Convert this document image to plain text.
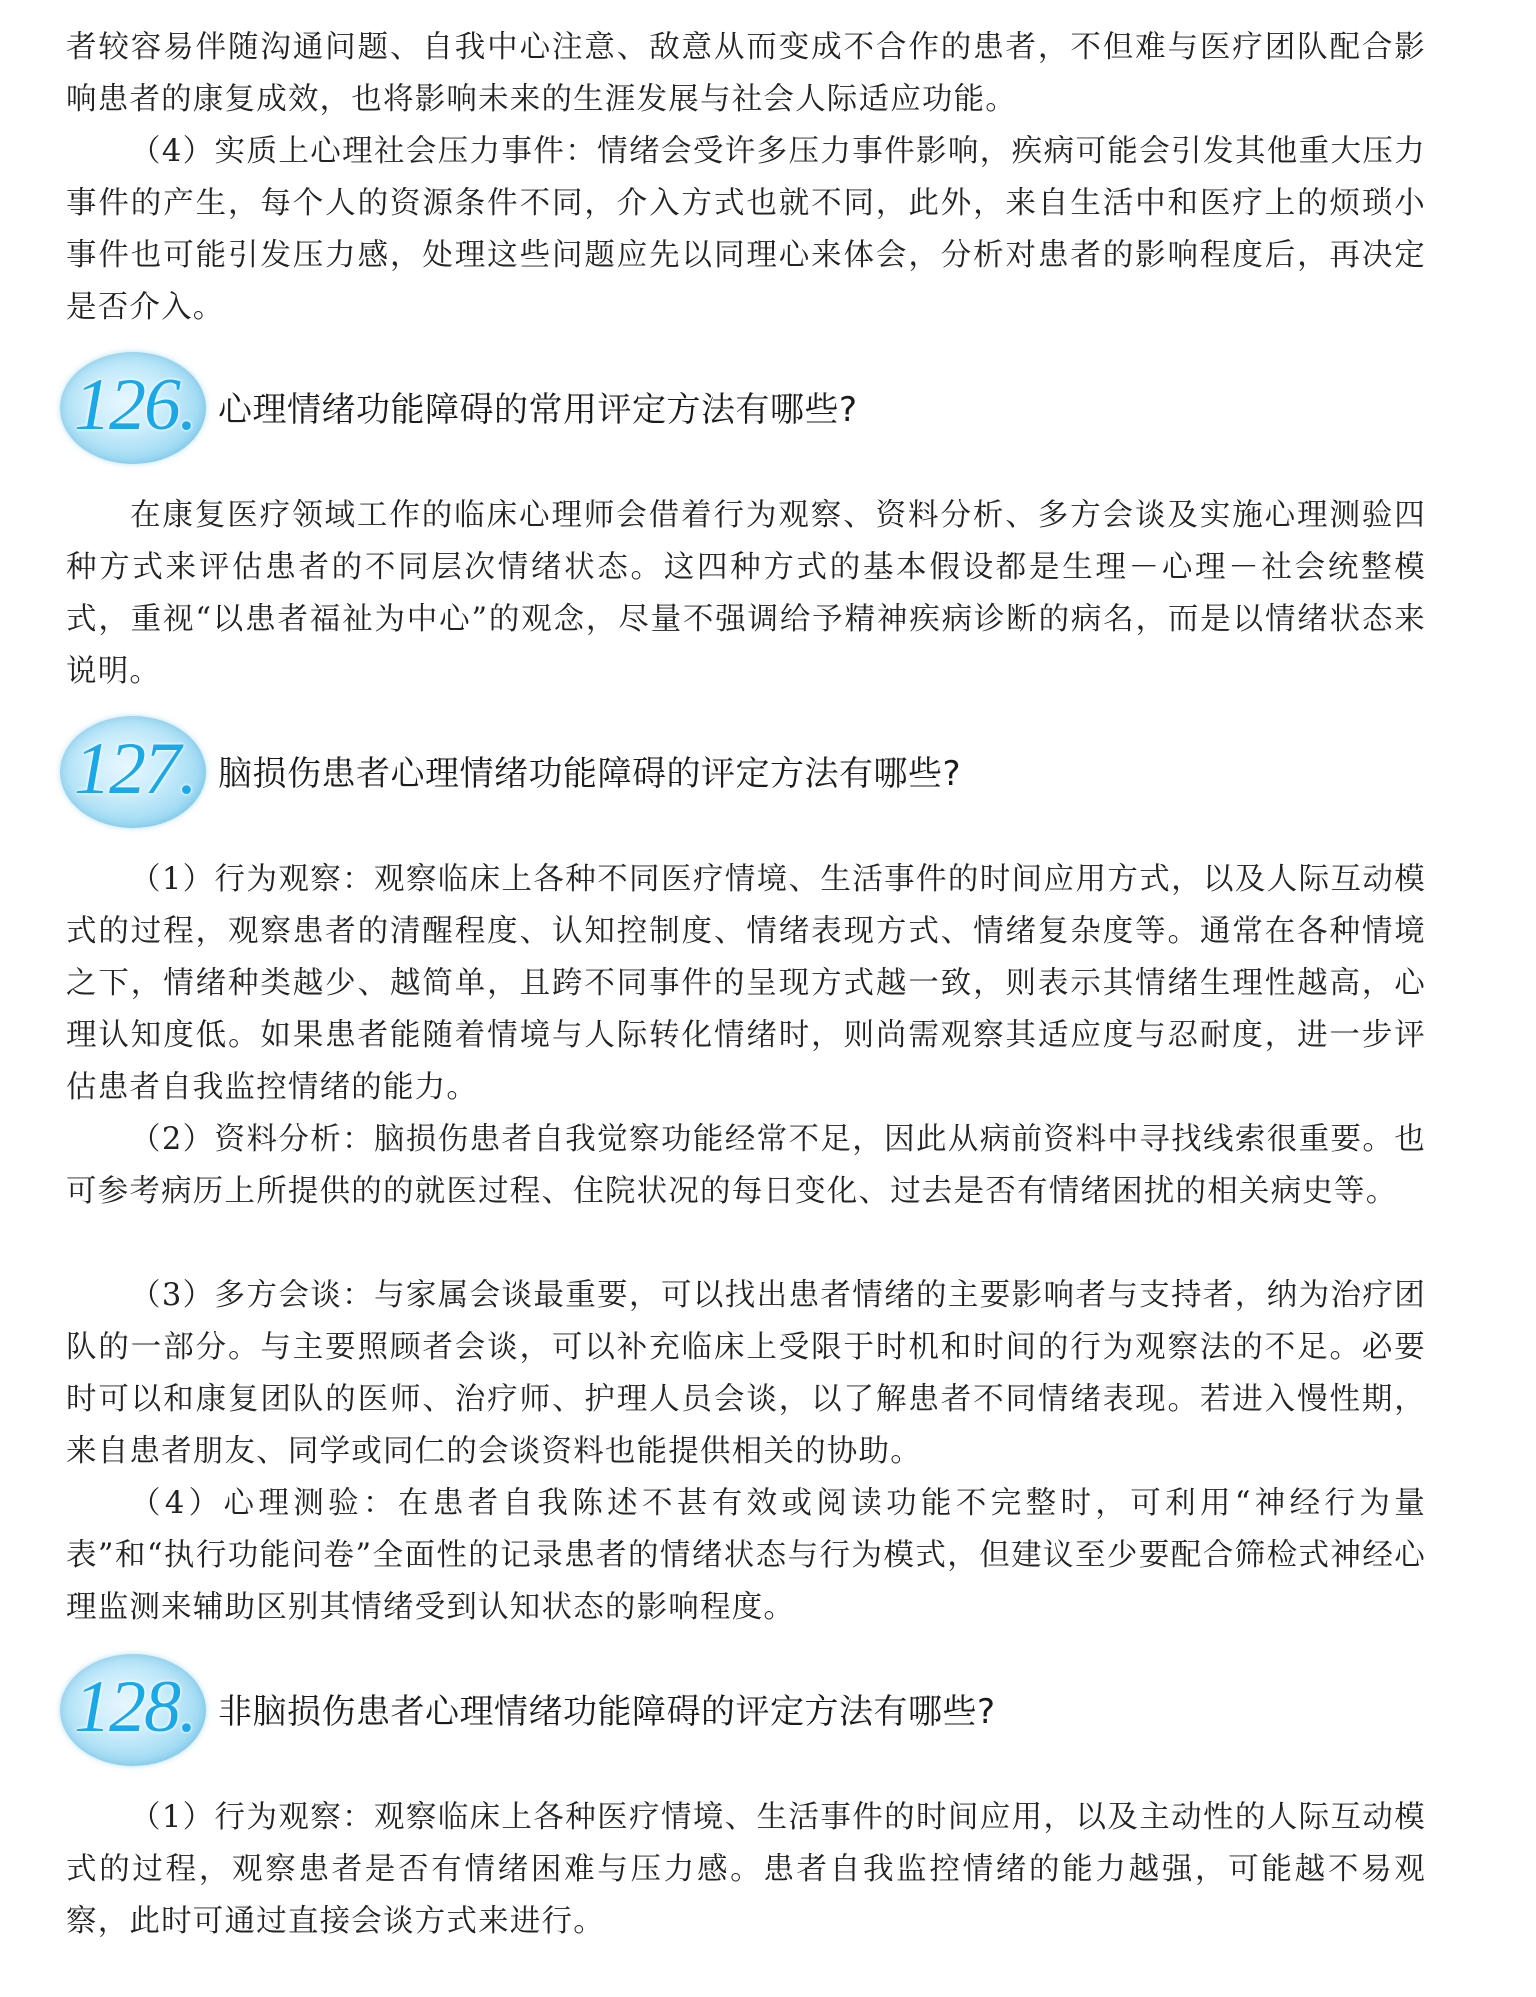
者较容易伴随沟通问题、自我中心注意、敌意从而变成不合作的患者，不但难与医疗团队配合影响患者的康复成效，也将影响未来的生涯发展与社会人际适应功能。

（4）实质上心理社会压力事件：情绪会受许多压力事件影响，疾病可能会引发其他重大压力事件的产生，每个人的资源条件不同，介入方式也就不同，此外，来自生活中和医疗上的烦琐小事件也可能引发压力感，处理这些问题应先以同理心来体会，分析对患者的影响程度后，再决定是否介入。

126. 心理情绪功能障碍的常用评定方法有哪些?

在康复医疗领域工作的临床心理师会借着行为观察、资料分析、多方会谈及实施心理测验四种方式来评估患者的不同层次情绪状态。这四种方式的基本假设都是生理－心理－社会统整模式，重视“以患者福祉为中心”的观念，尽量不强调给予精神疾病诊断的病名，而是以情绪状态来说明。

127. 脑损伤患者心理情绪功能障碍的评定方法有哪些?

（1）行为观察：观察临床上各种不同医疗情境、生活事件的时间应用方式，以及人际互动模式的过程，观察患者的清醒程度、认知控制度、情绪表现方式、情绪复杂度等。通常在各种情境之下，情绪种类越少、越简单，且跨不同事件的呈现方式越一致，则表示其情绪生理性越高，心理认知度低。如果患者能随着情境与人际转化情绪时，则尚需观察其适应度与忍耐度，进一步评估患者自我监控情绪的能力。

（2）资料分析：脑损伤患者自我觉察功能经常不足，因此从病前资料中寻找线索很重要。也可参考病历上所提供的的就医过程、住院状况的每日变化、过去是否有情绪困扰的相关病史等。

（3）多方会谈：与家属会谈最重要，可以找出患者情绪的主要影响者与支持者，纳为治疗团队的一部分。与主要照顾者会谈，可以补充临床上受限于时机和时间的行为观察法的不足。必要时可以和康复团队的医师、治疗师、护理人员会谈，以了解患者不同情绪表现。若进入慢性期，来自患者朋友、同学或同仁的会谈资料也能提供相关的协助。

（4）心理测验：在患者自我陈述不甚有效或阅读功能不完整时，可利用“神经行为量表”和“执行功能问卷”全面性的记录患者的情绪状态与行为模式，但建议至少要配合筛检式神经心理监测来辅助区别其情绪受到认知状态的影响程度。

128. 非脑损伤患者心理情绪功能障碍的评定方法有哪些?

（1）行为观察：观察临床上各种医疗情境、生活事件的时间应用，以及主动性的人际互动模式的过程，观察患者是否有情绪困难与压力感。患者自我监控情绪的能力越强，可能越不易观察，此时可通过直接会谈方式来进行。
